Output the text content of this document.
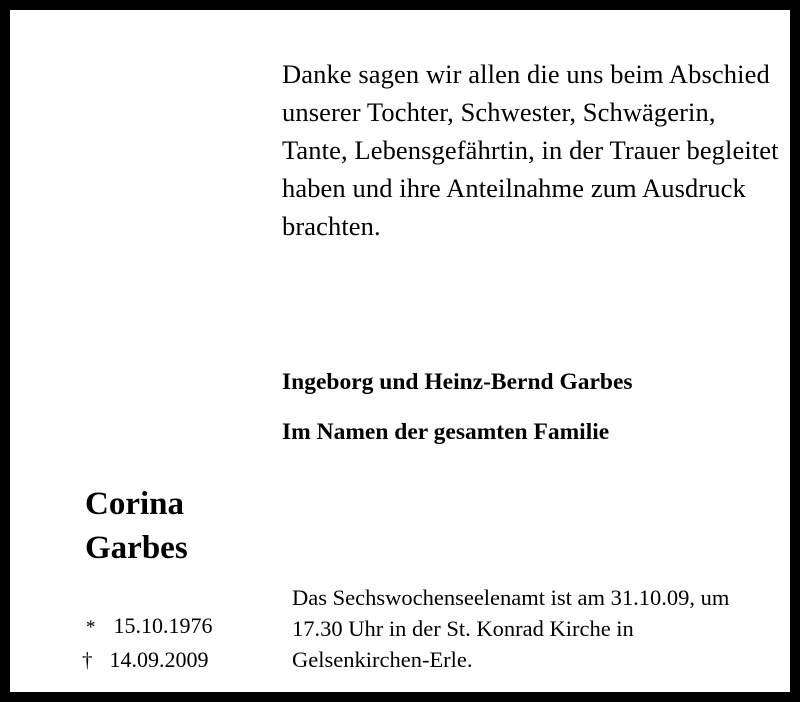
Danke sagen wir allen die uns beim Abschied unserer Tochter, Schwester, Schwägerin, Tante, Lebensgefährtin, in der Trauer begleitet haben und ihre Anteilnahme zum Ausdruck brachten.
Ingeborg und Heinz-Bernd Garbes
Im Namen der gesamten Familie
Corina
Garbes
* 15.10.1976
† 14.09.2009
Das Sechswochenseelenamt ist am 31.10.09, um 17.30 Uhr in der St. Konrad Kirche in Gelsenkirchen-Erle.
